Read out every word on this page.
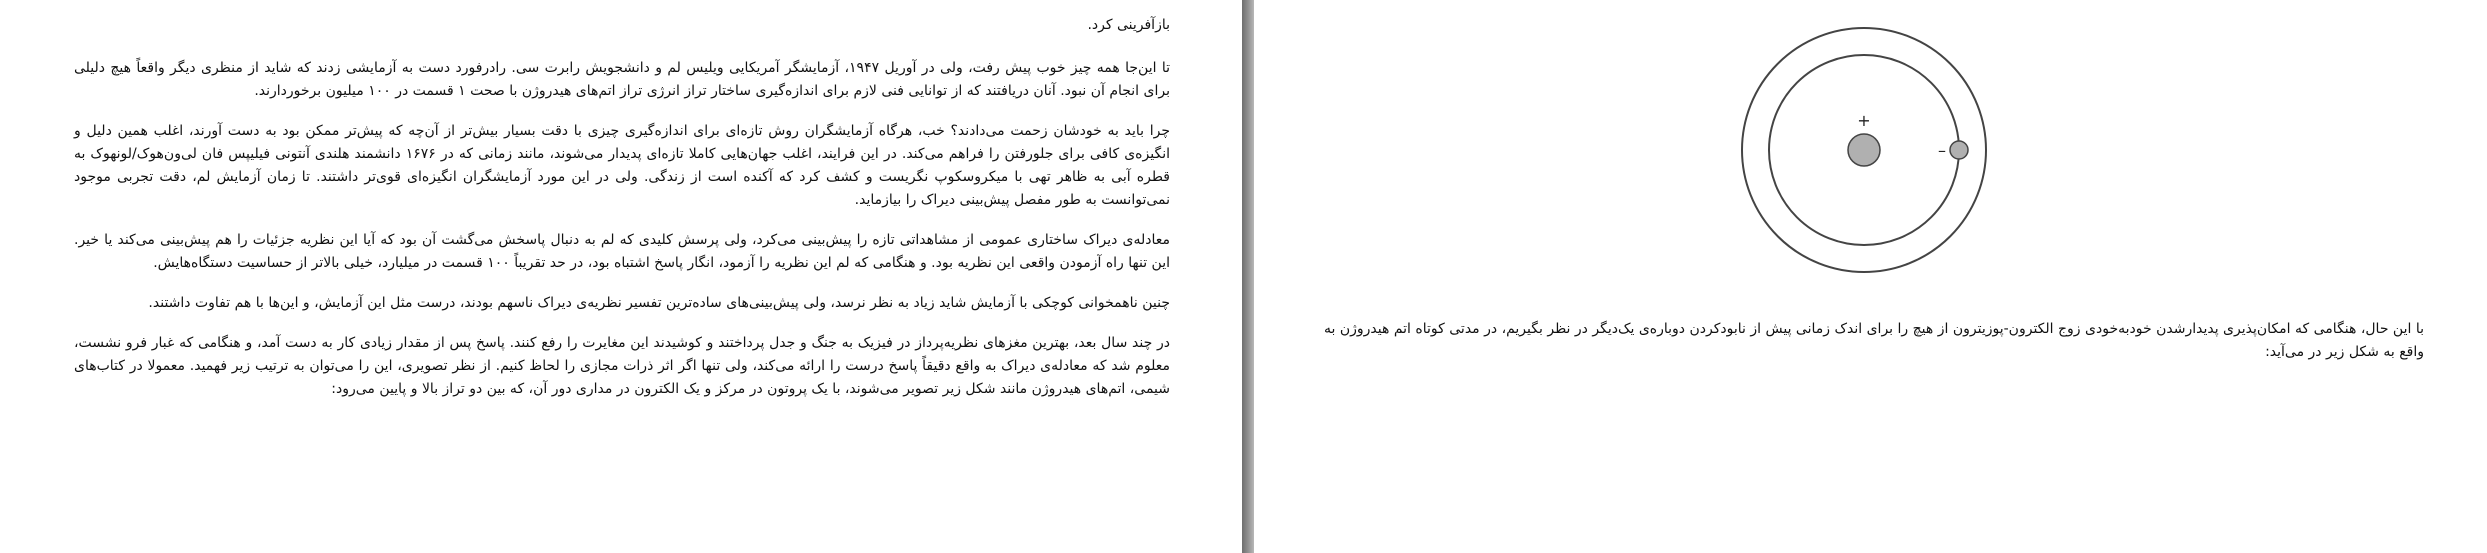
بازآفرینی کرد.

تا این‌جا همه چیز خوب پیش رفت، ولی در آوریل ۱۹۴۷، آزمایشگر آمریکایی ویلیس لم و دانشجویش رابرت سی. رادرفورد دست به آزمایشی زدند که شاید از منظری دیگر واقعاً هیچ دلیلی برای انجام آن نبود. آنان دریافتند که از توانایی فنی لازم برای اندازه‌گیری ساختار تراز انرژی تراز اتم‌های هیدروژن با صحت ۱ قسمت در ۱۰۰ میلیون برخوردارند.

چرا باید به خودشان زحمت می‌دادند؟ خب، هرگاه آزمایشگران روش تازه‌ای برای اندازه‌گیری چیزی با دقت بسیار بیش‌تر از آن‌چه که پیش‌تر ممکن بود به دست آورند، اغلب همین دلیل و انگیزه‌ی کافی برای جلورفتن را فراهم می‌کند. در این فرایند، اغلب جهان‌هایی کاملا تازه‌ای پدیدار می‌شوند، مانند زمانی که در ۱۶۷۶ دانشمند هلندی آنتونی فیلیپس فان لی‌ون‌هوک/لونهوک به قطره آبی به ظاهر تهی با میکروسکوپ نگریست و کشف کرد که آکنده است از زندگی. ولی در این مورد آزمایشگران انگیزه‌ای قوی‌تر داشتند. تا زمان آزمایش لم، دقت تجربی موجود نمی‌توانست به طور مفصل پیش‌بینی دیراک را بیازماید.

معادله‌ی دیراک ساختاری عمومی از مشاهداتی تازه را پیش‌بینی می‌کرد، ولی پرسش کلیدی که لم به دنبال پاسخش می‌گشت آن بود که آیا این نظریه جزئیات را هم پیش‌بینی می‌کند یا خیر. این تنها راه آزمودن واقعی این نظریه بود. و هنگامی که لم این نظریه را آزمود، انگار پاسخ اشتباه بود، در حد تقریباً ۱۰۰ قسمت در میلیارد، خیلی بالاتر از حساسیت دستگاه‌هایش.

چنین ناهمخوانی کوچکی با آزمایش شاید زیاد به نظر نرسد، ولی پیش‌بینی‌های ساده‌ترین تفسیر نظریه‌ی دیراک ناسهم بودند، درست مثل این آزمایش، و این‌ها با هم تفاوت داشتند.

در چند سال بعد، بهترین مغزهای نظریه‌پرداز در فیزیک به جنگ و جدل پرداختند و کوشیدند این مغایرت را رفع کنند. پاسخ پس از مقدار زیادی کار به دست آمد، و هنگامی که غبار فرو نشست، معلوم شد که معادله‌ی دیراک به واقع دقیقاً پاسخ درست را ارائه می‌کند، ولی تنها اگر اثر ذرات مجازی را لحاظ کنیم. از نظر تصویری، این را می‌توان به ترتیب زیر فهمید. معمولا در کتاب‌های شیمی، اتم‌های هیدروژن مانند شکل زیر تصویر می‌شوند، با یک پروتون در مرکز و یک الکترون در مداری دور آن، که بین دو تراز بالا و پایین می‌رود:

+
–

با این حال، هنگامی که امکان‌پذیری پدیدارشدن خودبه‌خودی زوج الکترون-پوزیترون از هیچ را برای اندک زمانی پیش از نابودکردن دوباره‌ی یک‌دیگر در نظر بگیریم، در مدتی کوتاه اتم هیدروژن به واقع به شکل زیر در می‌آید:
